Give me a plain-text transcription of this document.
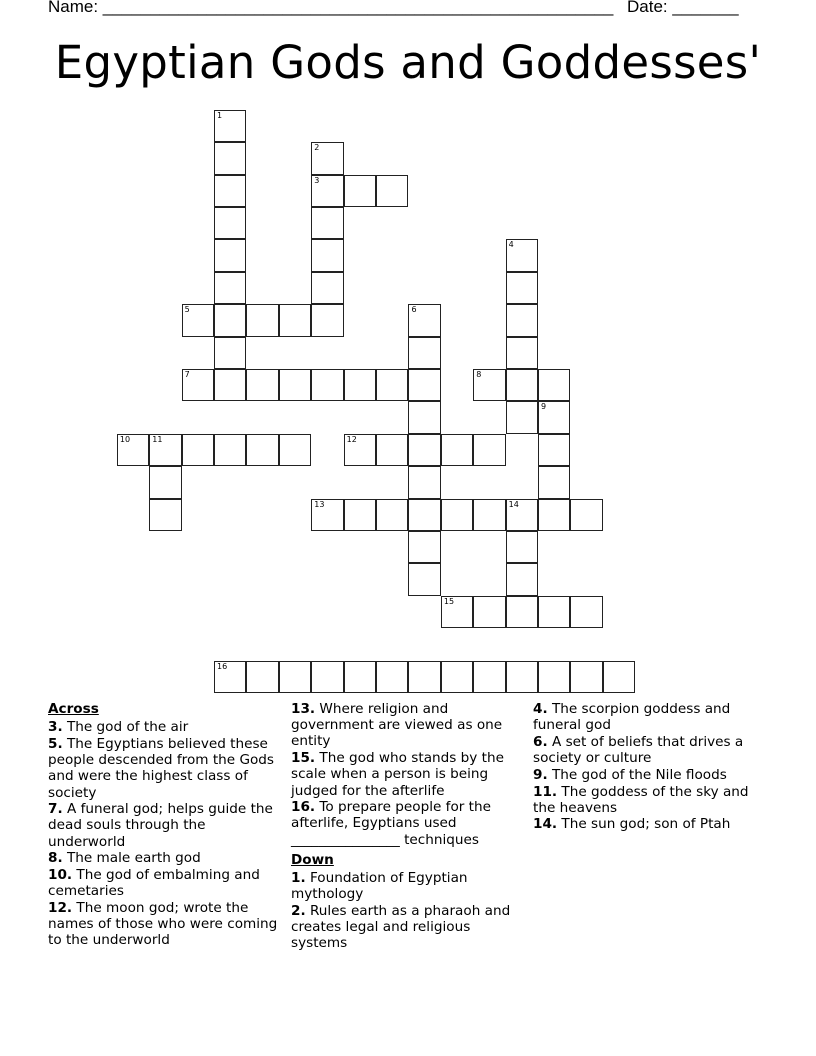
Name: ______________________________________________________ Date: _______
Egyptian Gods and Goddesses'
1
2
3
4
5	6
7	8
9
10	11	12
13	14
15
16
Across
3. The god of the air
5. The Egyptians believed these people descended from the Gods and were the highest class of society
7. A funeral god; helps guide the dead souls through the underworld
8. The male earth god
10. The god of embalming and cemetaries
12. The moon god; wrote the names of those who were coming to the underworld
13. Where religion and government are viewed as one entity
15. The god who stands by the scale when a person is being judged for the afterlife
16. To prepare people for the afterlife, Egyptians used ________________ techniques
Down
1. Foundation of Egyptian mythology
2. Rules earth as a pharaoh and creates legal and religious systems
4. The scorpion goddess and funeral god
6. A set of beliefs that drives a society or culture
9. The god of the Nile floods
11. The goddess of the sky and the heavens
14. The sun god; son of Ptah
